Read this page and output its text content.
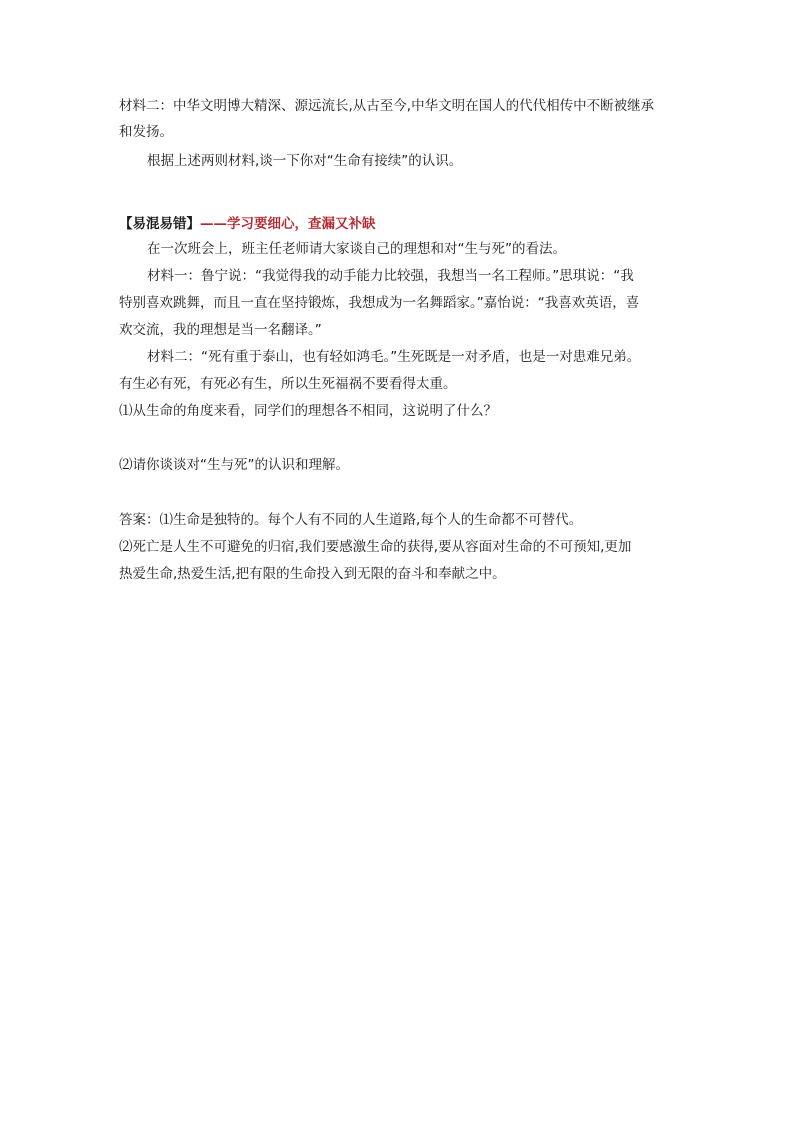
材料二：中华文明博大精深、源远流长,从古至今,中华文明在国人的代代相传中不断被继承
和发扬。
根据上述两则材料,谈一下你对“生命有接续”的认识。
【易混易错】——学习要细心，查漏又补缺
在一次班会上，班主任老师请大家谈自己的理想和对“生与死”的看法。
材料一：鲁宁说：“我觉得我的动手能力比较强，我想当一名工程师。”思琪说：“我
特别喜欢跳舞，而且一直在坚持锻炼，我想成为一名舞蹈家。”嘉怡说：“我喜欢英语，喜
欢交流，我的理想是当一名翻译。”
材料二：“死有重于泰山，也有轻如鸿毛。”生死既是一对矛盾，也是一对患难兄弟。
有生必有死，有死必有生，所以生死福祸不要看得太重。
⑴从生命的角度来看，同学们的理想各不相同，这说明了什么？
⑵请你谈谈对“生与死”的认识和理解。
答案：⑴生命是独特的。每个人有不同的人生道路,每个人的生命都不可替代。
⑵死亡是人生不可避免的归宿,我们要感激生命的获得,要从容面对生命的不可预知,更加
热爱生命,热爱生活,把有限的生命投入到无限的奋斗和奉献之中。
